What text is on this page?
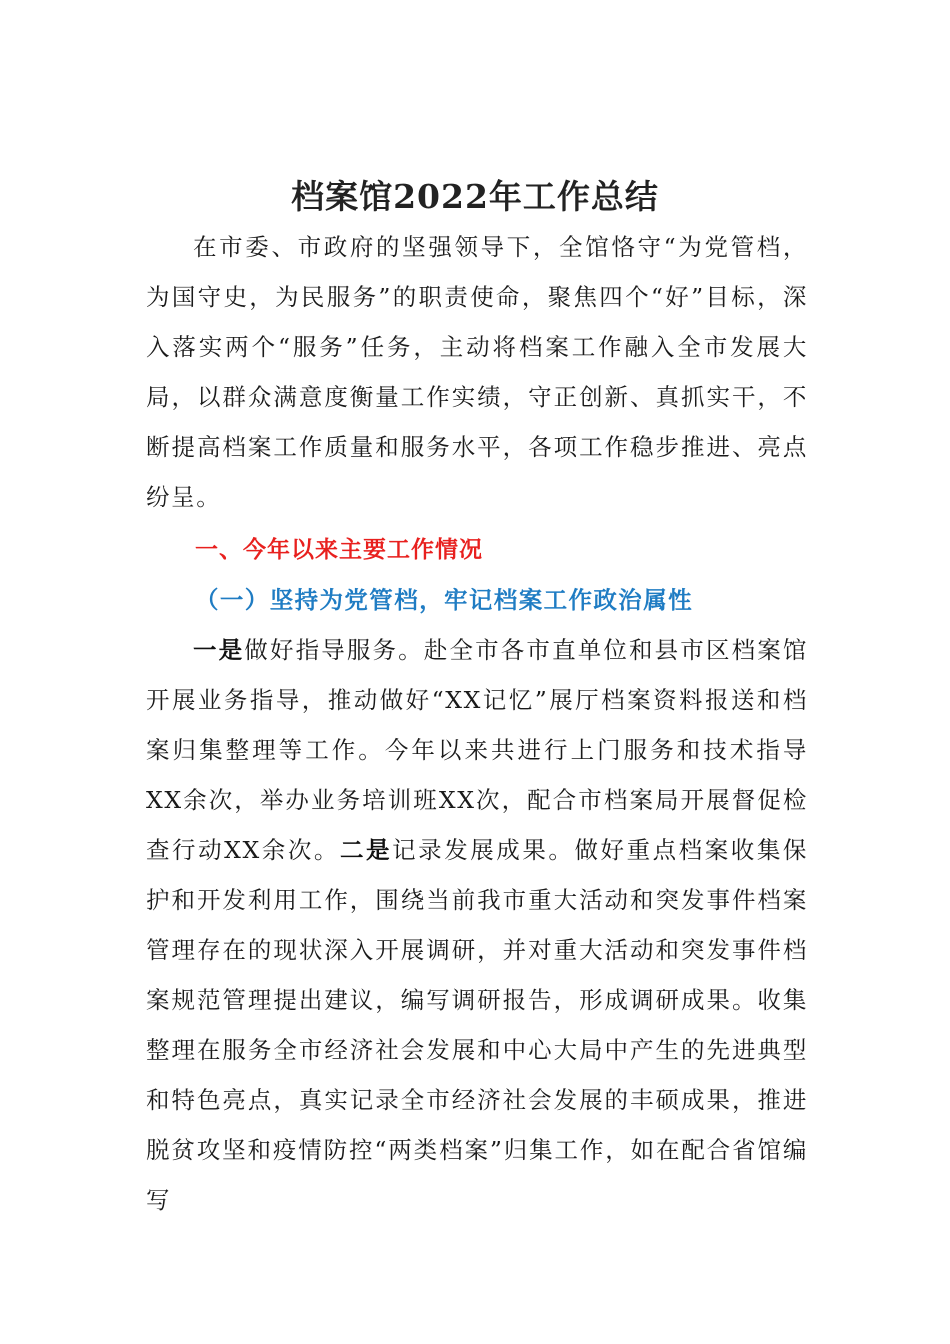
档案馆2022年工作总结

在市委、市政府的坚强领导下，全馆恪守“为党管档，为国守史，为民服务”的职责使命，聚焦四个“好”目标，深入落实两个“服务”任务，主动将档案工作融入全市发展大局，以群众满意度衡量工作实绩，守正创新、真抓实干，不断提高档案工作质量和服务水平，各项工作稳步推进、亮点纷呈。

一、今年以来主要工作情况
（一）坚持为党管档，牢记档案工作政治属性

一是做好指导服务。赴全市各市直单位和县市区档案馆开展业务指导，推动做好“XX记忆”展厅档案资料报送和档案归集整理等工作。今年以来共进行上门服务和技术指导XX余次，举办业务培训班XX次，配合市档案局开展督促检查行动XX余次。二是记录发展成果。做好重点档案收集保护和开发利用工作，围绕当前我市重大活动和突发事件档案管理存在的现状深入开展调研，并对重大活动和突发事件档案规范管理提出建议，编写调研报告，形成调研成果。收集整理在服务全市经济社会发展和中心大局中产生的先进典型和特色亮点，真实记录全市经济社会发展的丰硕成果，推进脱贫攻坚和疫情防控“两类档案”归集工作，如在配合省馆编写
